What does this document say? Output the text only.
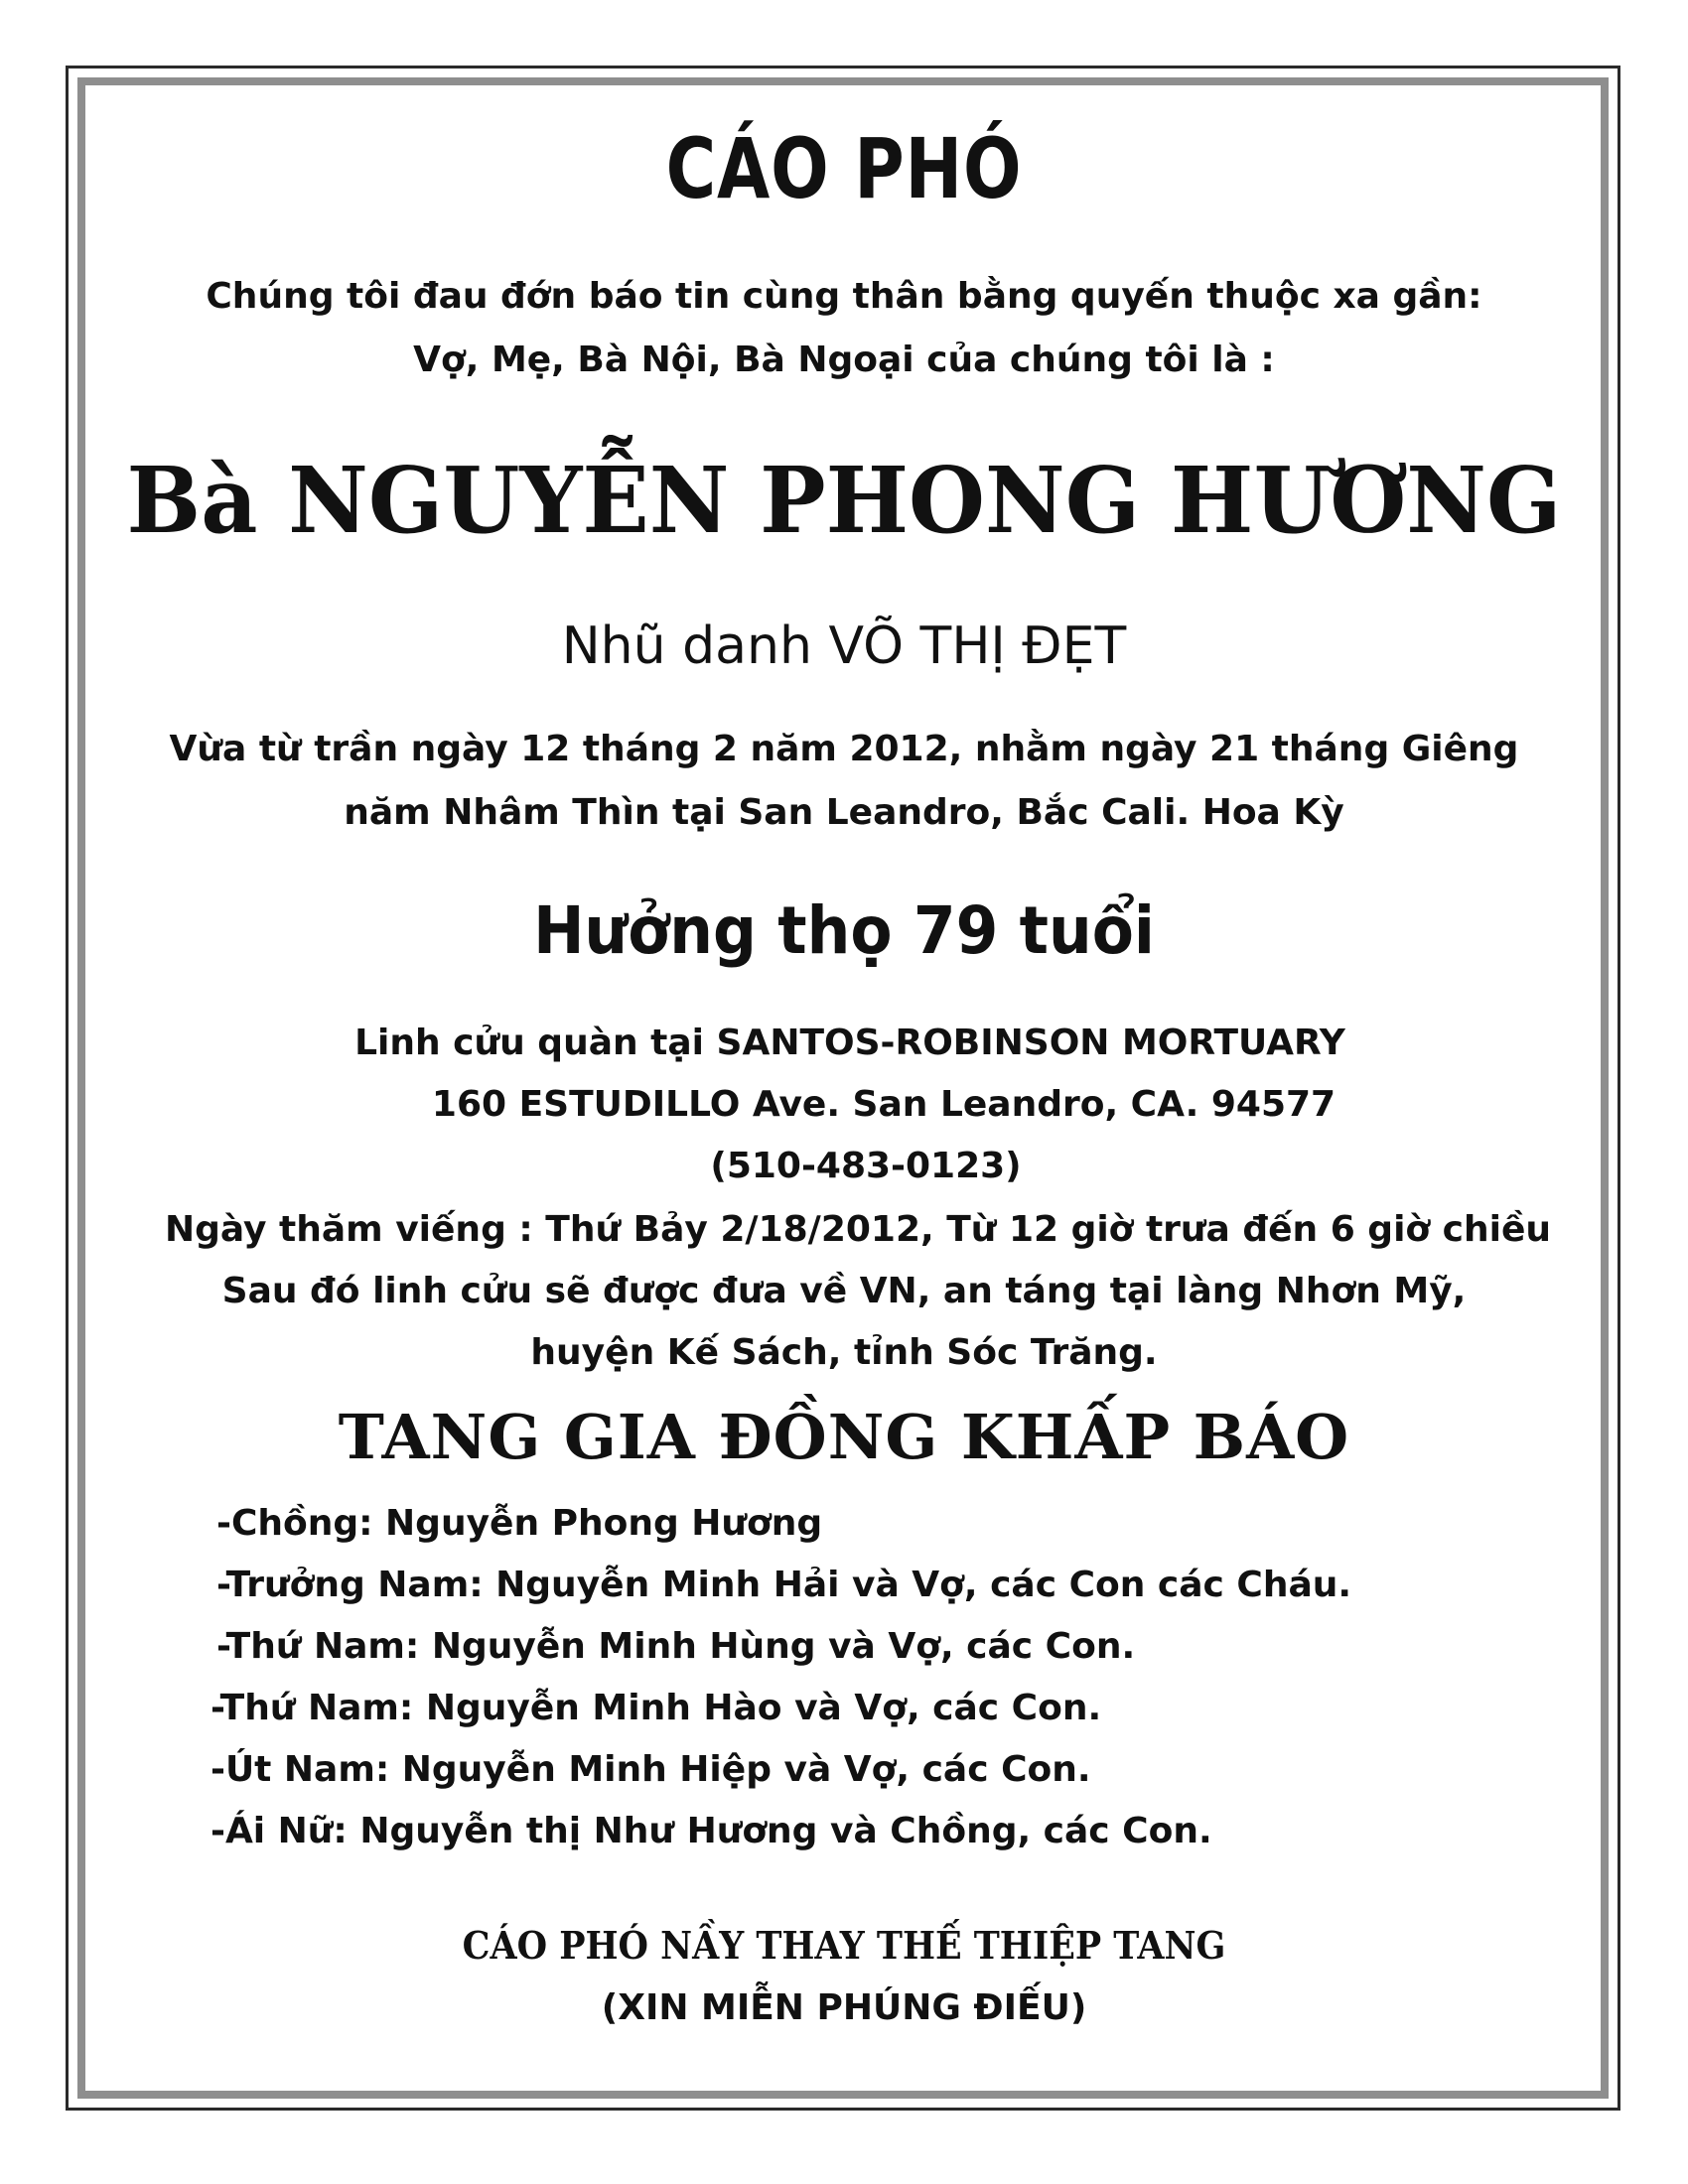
CÁO PHÓ
Chúng tôi đau đớn báo tin cùng thân bằng quyến thuộc xa gần:
Vợ, Mẹ, Bà Nội, Bà Ngoại của chúng tôi là :
Bà NGUYỄN PHONG HƯƠNG
Nhũ danh VÕ THỊ ĐẸT
Vừa từ trần ngày 12 tháng 2 năm 2012, nhằm ngày 21 tháng Giêng
năm Nhâm Thìn tại San Leandro, Bắc Cali. Hoa Kỳ
Hưởng thọ 79 tuổi
Linh cửu quàn tại SANTOS-ROBINSON MORTUARY
160 ESTUDILLO Ave. San Leandro, CA. 94577
(510-483-0123)
Ngày thăm viếng : Thứ Bảy 2/18/2012, Từ 12 giờ trưa đến 6 giờ chiều
Sau đó linh cửu sẽ được đưa về VN, an táng tại làng Nhơn Mỹ,
huyện Kế Sách, tỉnh Sóc Trăng.
TANG GIA ĐỒNG KHẤP BÁO
-Chồng: Nguyễn Phong Hương
-Trưởng Nam: Nguyễn Minh Hải và Vợ, các Con các Cháu.
-Thứ Nam: Nguyễn Minh Hùng và Vợ, các Con.
-Thứ Nam: Nguyễn Minh Hào và Vợ, các Con.
-Út Nam: Nguyễn Minh Hiệp và Vợ, các Con.
-Ái Nữ: Nguyễn thị Như Hương và Chồng, các Con.
CÁO PHÓ NẦY THAY THẾ THIỆP TANG
(XIN MIỄN PHÚNG ĐIẾU)
